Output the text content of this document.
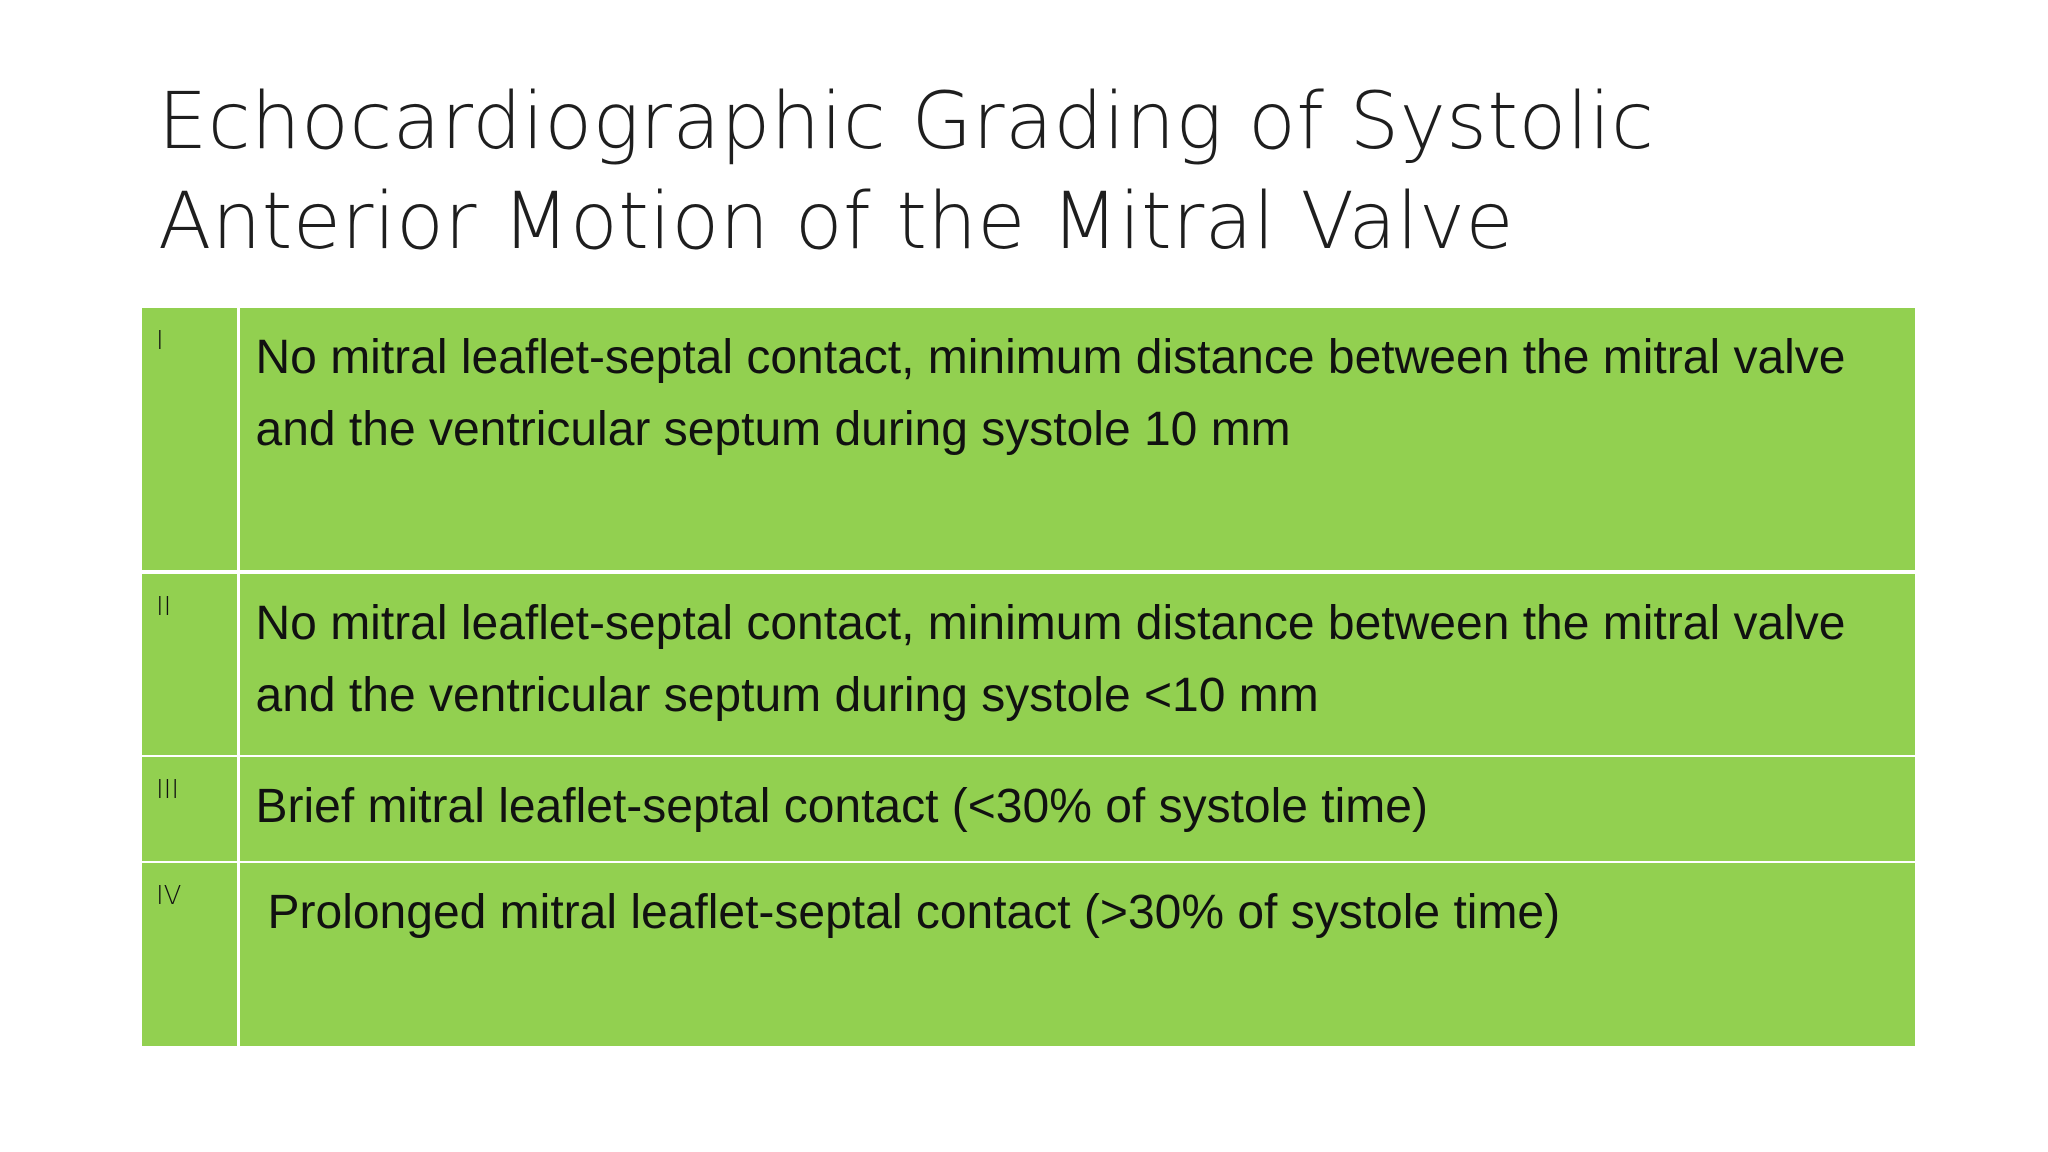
Echocardiographic Grading of Systolic
Anterior Motion of the Mitral Valve
I	No mitral leaflet-septal contact, minimum distance between the mitral valve and the ventricular septum during systole 10 mm
II	No mitral leaflet-septal contact, minimum distance between the mitral valve and the ventricular septum during systole <10 mm
III	Brief mitral leaflet-septal contact (<30% of systole time)
IV	Prolonged mitral leaflet-septal contact (>30% of systole time)
